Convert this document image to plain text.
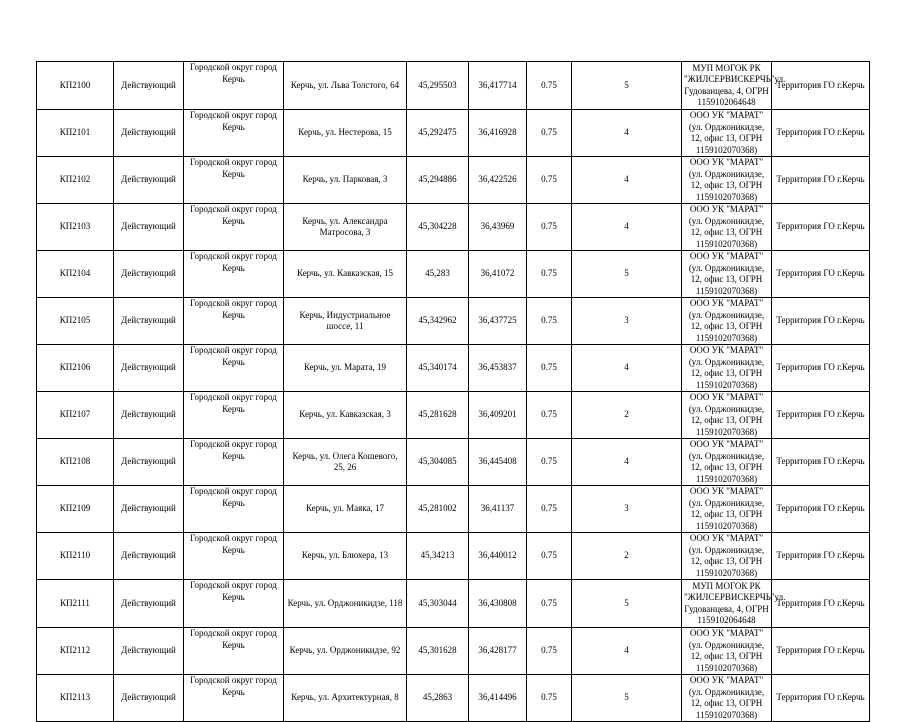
КП2100	Действующий	Городской округ город Керчь	Керчь, ул. Льва Толстого, 64	45,295503	36,417714	0.75	5	МУП МОГОК РК "ЖИЛСЕРВИСКЕРЧЬ"ул. Гудованцева, 4, ОГРН 1159102064648	Территория ГО г.Керчь
КП2101	Действующий	Городской округ город Керчь	Керчь, ул. Нестерова, 15	45,292475	36,416928	0.75	4	ООО УК "МАРАТ" (ул. Орджоникидзе, 12, офис 13, ОГРН 1159102070368)	Территория ГО г.Керчь
КП2102	Действующий	Городской округ город Керчь	Керчь, ул. Парковая, 3	45,294886	36,422526	0.75	4	ООО УК "МАРАТ" (ул. Орджоникидзе, 12, офис 13, ОГРН 1159102070368)	Территория ГО г.Керчь
КП2103	Действующий	Городской округ город Керчь	Керчь, ул. Александра Матросова, 3	45,304228	36,43969	0.75	4	ООО УК "МАРАТ" (ул. Орджоникидзе, 12, офис 13, ОГРН 1159102070368)	Территория ГО г.Керчь
КП2104	Действующий	Городской округ город Керчь	Керчь, ул. Кавказская, 15	45,283	36,41072	0.75	5	ООО УК "МАРАТ" (ул. Орджоникидзе, 12, офис 13, ОГРН 1159102070368)	Территория ГО г.Керчь
КП2105	Действующий	Городской округ город Керчь	Керчь, Индустриальное шоссе, 11	45,342962	36,437725	0.75	3	ООО УК "МАРАТ" (ул. Орджоникидзе, 12, офис 13, ОГРН 1159102070368)	Территория ГО г.Керчь
КП2106	Действующий	Городской округ город Керчь	Керчь, ул. Марата, 19	45,340174	36,453837	0.75	4	ООО УК "МАРАТ" (ул. Орджоникидзе, 12, офис 13, ОГРН 1159102070368)	Территория ГО г.Керчь
КП2107	Действующий	Городской округ город Керчь	Керчь, ул. Кавказская, 3	45,281628	36,409201	0.75	2	ООО УК "МАРАТ" (ул. Орджоникидзе, 12, офис 13, ОГРН 1159102070368)	Территория ГО г.Керчь
КП2108	Действующий	Городской округ город Керчь	Керчь, ул. Олега Кошевого, 25, 26	45,304085	36,445408	0.75	4	ООО УК "МАРАТ" (ул. Орджоникидзе, 12, офис 13, ОГРН 1159102070368)	Территория ГО г.Керчь
КП2109	Действующий	Городской округ город Керчь	Керчь, ул. Маяка, 17	45,281002	36,41137	0.75	3	ООО УК "МАРАТ" (ул. Орджоникидзе, 12, офис 13, ОГРН 1159102070368)	Территория ГО г.Керчь
КП2110	Действующий	Городской округ город Керчь	Керчь, ул. Блюхера, 13	45,34213	36,440012	0.75	2	ООО УК "МАРАТ" (ул. Орджоникидзе, 12, офис 13, ОГРН 1159102070368)	Территория ГО г.Керчь
КП2111	Действующий	Городской округ город Керчь	Керчь, ул. Орджоникидзе, 118	45,303044	36,430808	0.75	5	МУП МОГОК РК "ЖИЛСЕРВИСКЕРЧЬ"ул. Гудованцева, 4, ОГРН 1159102064648	Территория ГО г.Керчь
КП2112	Действующий	Городской округ город Керчь	Керчь, ул. Орджоникидзе, 92	45,301628	36,428177	0.75	4	ООО УК "МАРАТ" (ул. Орджоникидзе, 12, офис 13, ОГРН 1159102070368)	Территория ГО г.Керчь
КП2113	Действующий	Городской округ город Керчь	Керчь, ул. Архитектурная, 8	45,2863	36,414496	0.75	5	ООО УК "МАРАТ" (ул. Орджоникидзе, 12, офис 13, ОГРН 1159102070368)	Территория ГО г.Керчь
